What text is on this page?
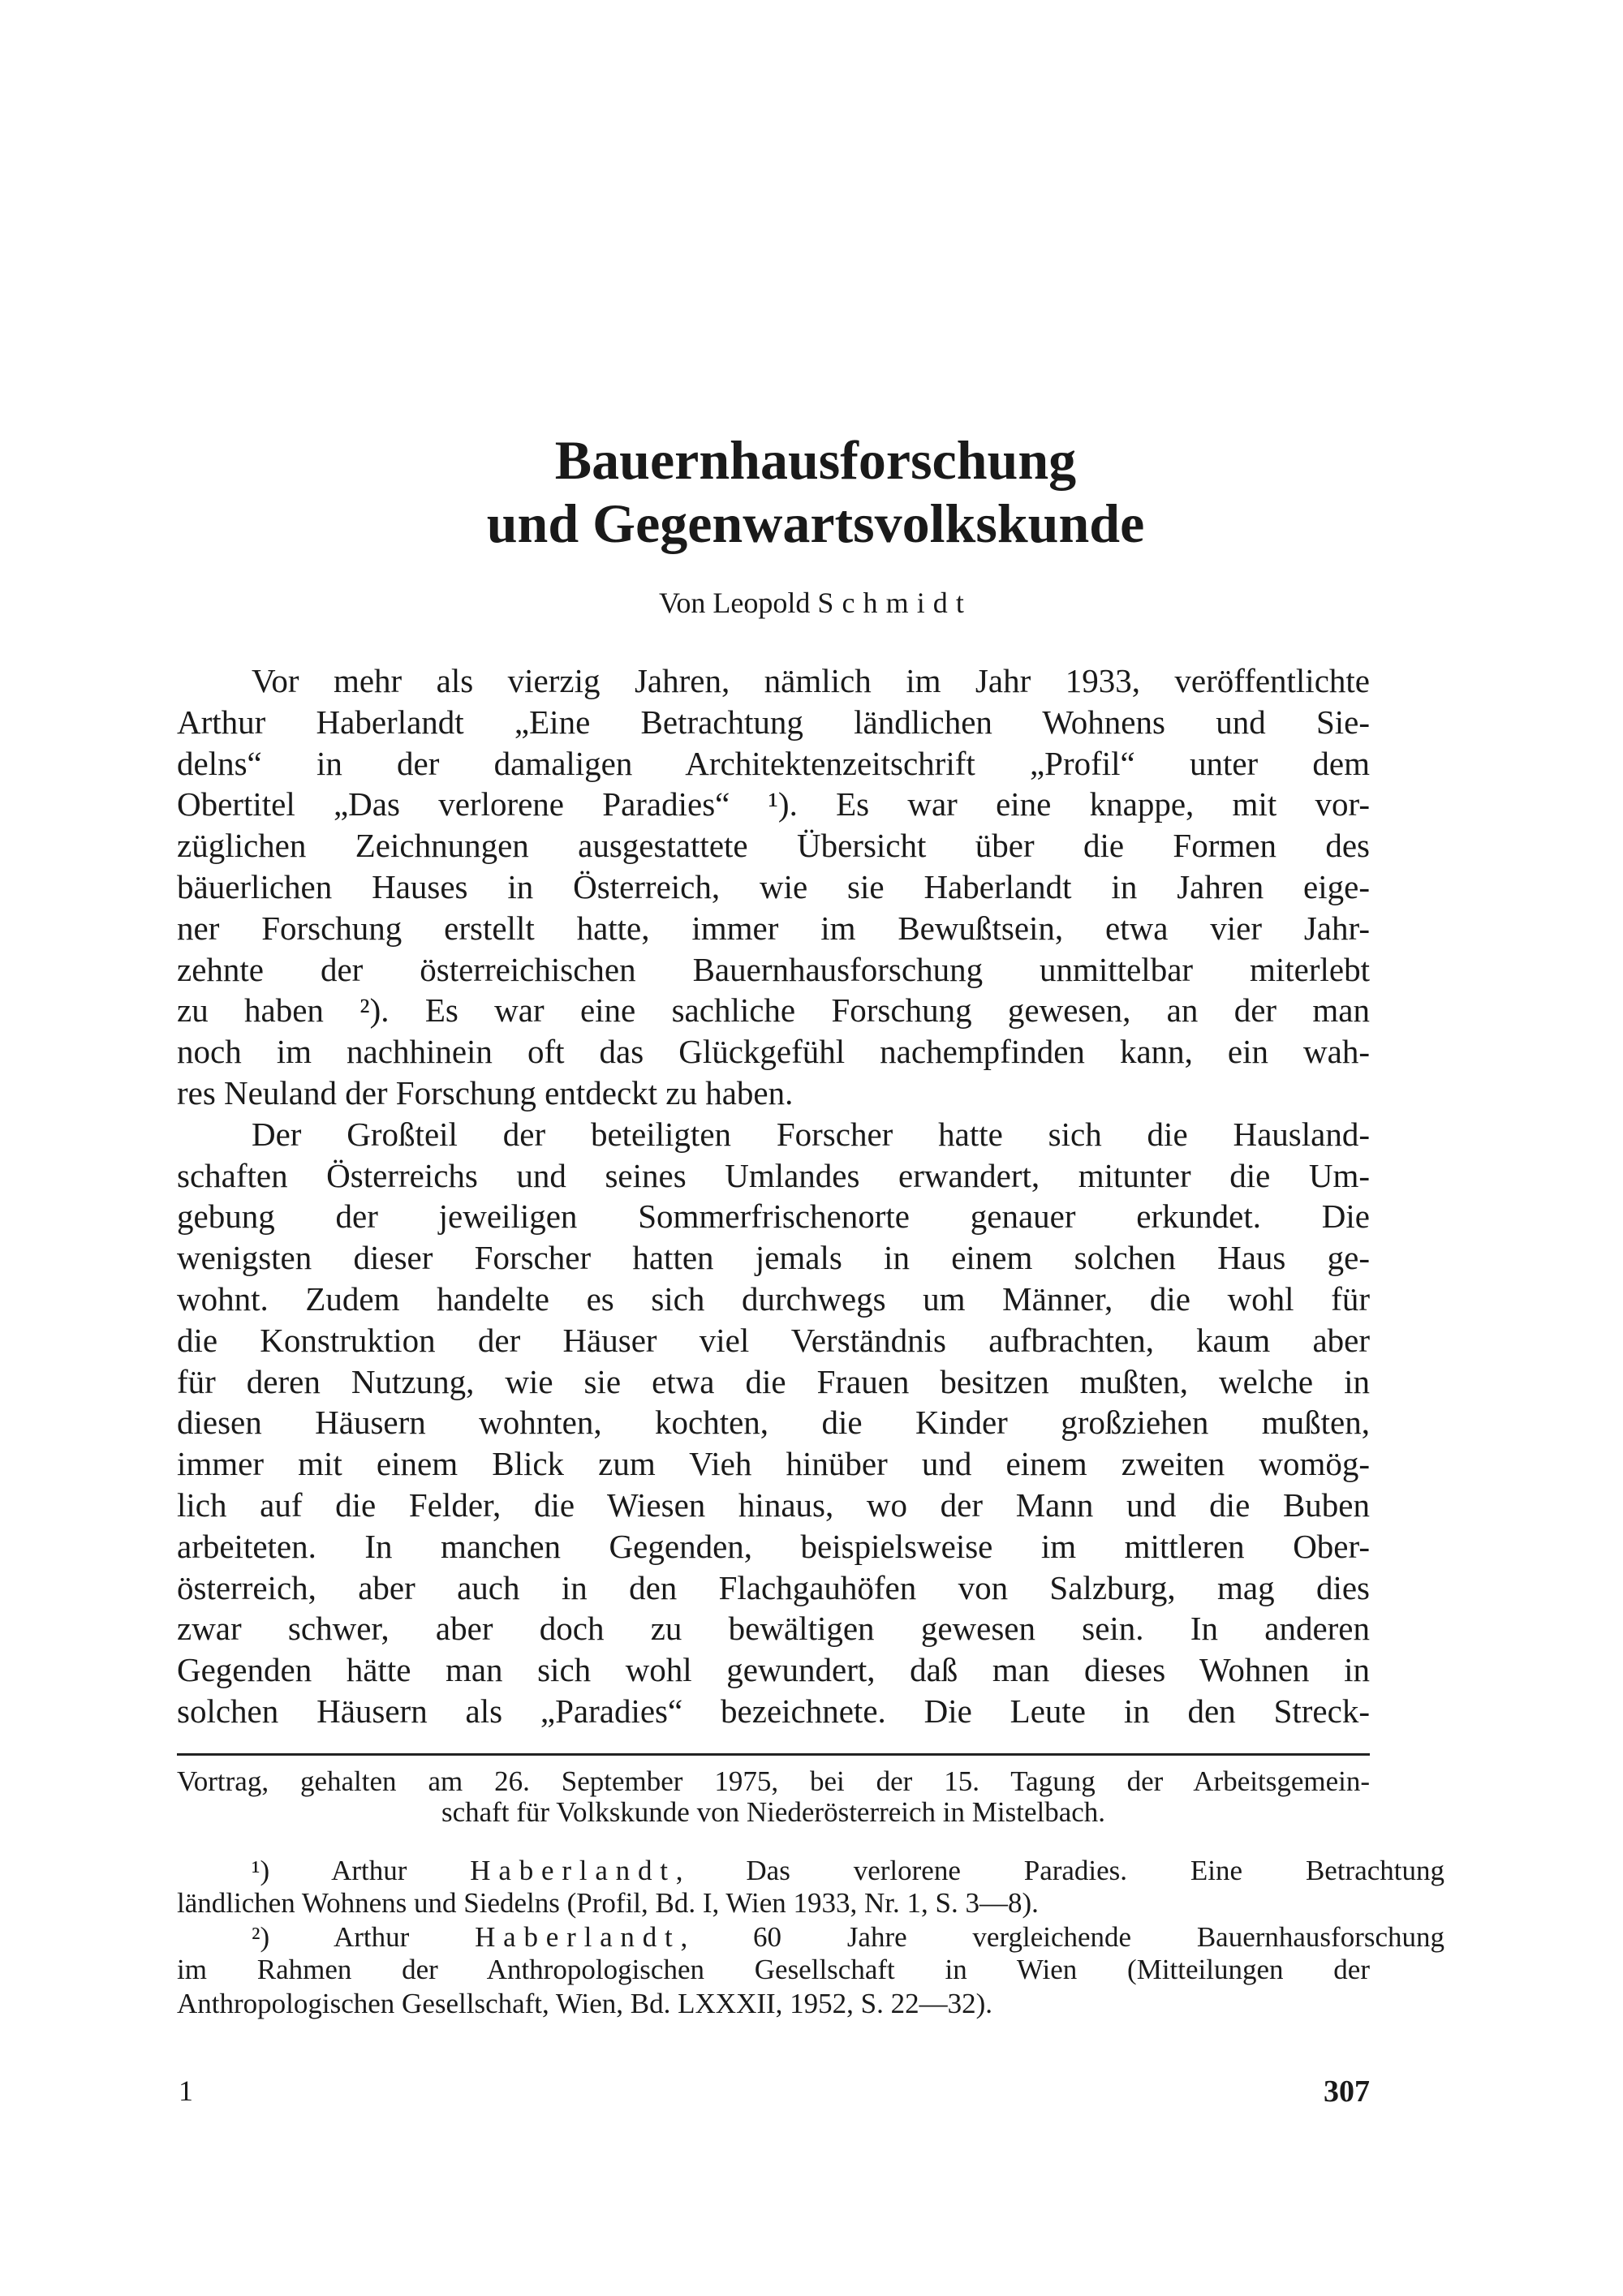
Bauernhausforschung
und Gegenwartsvolkskunde
Von Leopold Schmidt
Vor mehr als vierzig Jahren, nämlich im Jahr 1933, veröffentlichte
Arthur Haberlandt „Eine Betrachtung ländlichen Wohnens und Sie-
delns“ in der damaligen Architektenzeitschrift „Profil“ unter dem
Obertitel „Das verlorene Paradies“ ¹). Es war eine knappe, mit vor-
züglichen Zeichnungen ausgestattete Übersicht über die Formen des
bäuerlichen Hauses in Österreich, wie sie Haberlandt in Jahren eige-
ner Forschung erstellt hatte, immer im Bewußtsein, etwa vier Jahr-
zehnte der österreichischen Bauernhausforschung unmittelbar miterlebt
zu haben ²). Es war eine sachliche Forschung gewesen, an der man
noch im nachhinein oft das Glückgefühl nachempfinden kann, ein wah-
res Neuland der Forschung entdeckt zu haben.
Der Großteil der beteiligten Forscher hatte sich die Hausland-
schaften Österreichs und seines Umlandes erwandert, mitunter die Um-
gebung der jeweiligen Sommerfrischenorte genauer erkundet. Die
wenigsten dieser Forscher hatten jemals in einem solchen Haus ge-
wohnt. Zudem handelte es sich durchwegs um Männer, die wohl für
die Konstruktion der Häuser viel Verständnis aufbrachten, kaum aber
für deren Nutzung, wie sie etwa die Frauen besitzen mußten, welche in
diesen Häusern wohnten, kochten, die Kinder großziehen mußten,
immer mit einem Blick zum Vieh hinüber und einem zweiten womög-
lich auf die Felder, die Wiesen hinaus, wo der Mann und die Buben
arbeiteten. In manchen Gegenden, beispielsweise im mittleren Ober-
österreich, aber auch in den Flachgauhöfen von Salzburg, mag dies
zwar schwer, aber doch zu bewältigen gewesen sein. In anderen
Gegenden hätte man sich wohl gewundert, daß man dieses Wohnen in
solchen Häusern als „Paradies“ bezeichnete. Die Leute in den Streck-
Vortrag, gehalten am 26. September 1975, bei der 15. Tagung der Arbeitsgemein-
schaft für Volkskunde von Niederösterreich in Mistelbach.
¹) Arthur Haberlandt, Das verlorene Paradies. Eine Betrachtung
ländlichen Wohnens und Siedelns (Profil, Bd. I, Wien 1933, Nr. 1, S. 3—8).
²) Arthur Haberlandt, 60 Jahre vergleichende Bauernhausforschung
im Rahmen der Anthropologischen Gesellschaft in Wien (Mitteilungen der
Anthropologischen Gesellschaft, Wien, Bd. LXXXII, 1952, S. 22—32).
1	307
